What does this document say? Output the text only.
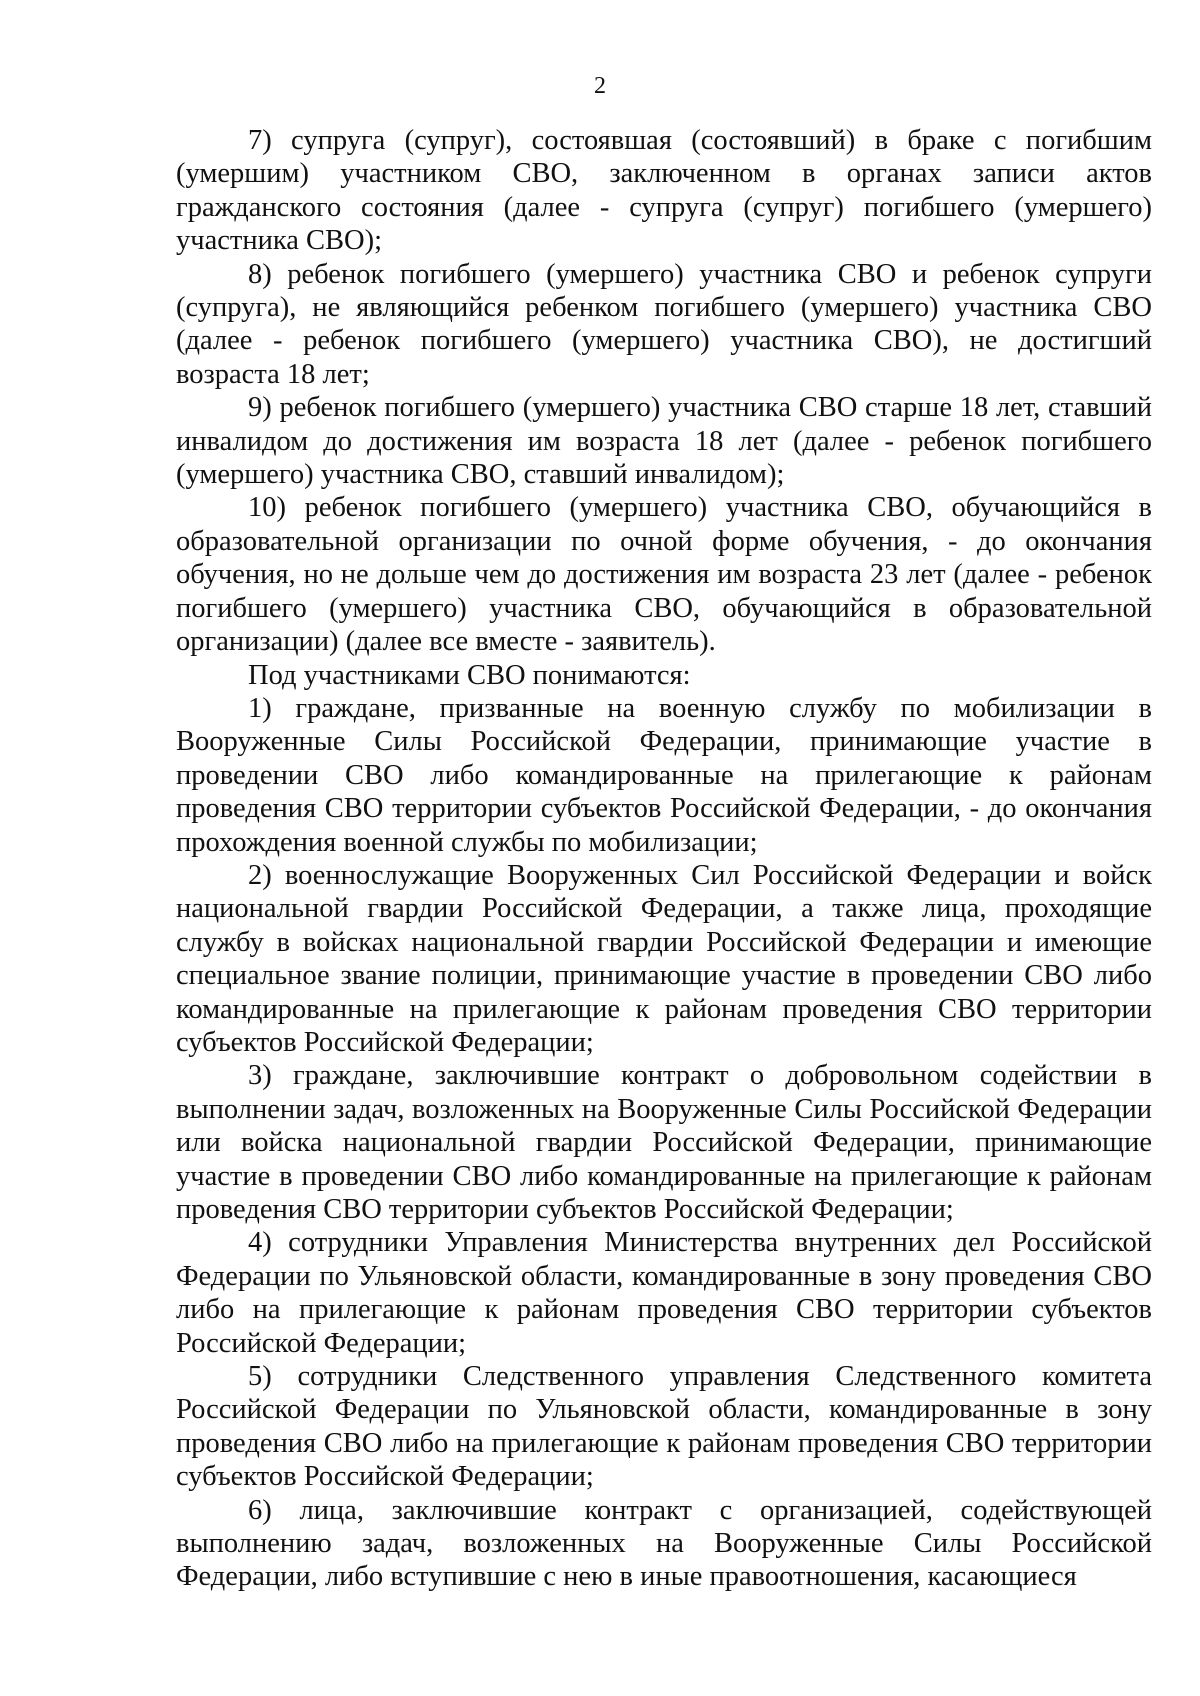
2

7) супруга (супруг), состоявшая (состоявший) в браке с погибшим (умершим) участником СВО, заключенном в органах записи актов гражданского состояния (далее - супруга (супруг) погибшего (умершего) участника СВО);

8) ребенок погибшего (умершего) участника СВО и ребенок супруги (супруга), не являющийся ребенком погибшего (умершего) участника СВО (далее - ребенок погибшего (умершего) участника СВО), не достигший возраста 18 лет;

9) ребенок погибшего (умершего) участника СВО старше 18 лет, ставший инвалидом до достижения им возраста 18 лет (далее - ребенок погибшего (умершего) участника СВО, ставший инвалидом);

10) ребенок погибшего (умершего) участника СВО, обучающийся в образовательной организации по очной форме обучения, - до окончания обучения, но не дольше чем до достижения им возраста 23 лет (далее - ребенок погибшего (умершего) участника СВО, обучающийся в образовательной организации) (далее все вместе - заявитель).

Под участниками СВО понимаются:

1) граждане, призванные на военную службу по мобилизации в Вооруженные Силы Российской Федерации, принимающие участие в проведении СВО либо командированные на прилегающие к районам проведения СВО территории субъектов Российской Федерации, - до окончания прохождения военной службы по мобилизации;

2) военнослужащие Вооруженных Сил Российской Федерации и войск национальной гвардии Российской Федерации, а также лица, проходящие службу в войсках национальной гвардии Российской Федерации и имеющие специальное звание полиции, принимающие участие в проведении СВО либо командированные на прилегающие к районам проведения СВО территории субъектов Российской Федерации;

3) граждане, заключившие контракт о добровольном содействии в выполнении задач, возложенных на Вооруженные Силы Российской Федерации или войска национальной гвардии Российской Федерации, принимающие участие в проведении СВО либо командированные на прилегающие к районам проведения СВО территории субъектов Российской Федерации;

4) сотрудники Управления Министерства внутренних дел Российской Федерации по Ульяновской области, командированные в зону проведения СВО либо на прилегающие к районам проведения СВО территории субъектов Российской Федерации;

5) сотрудники Следственного управления Следственного комитета Российской Федерации по Ульяновской области, командированные в зону проведения СВО либо на прилегающие к районам проведения СВО территории субъектов Российской Федерации;

6) лица, заключившие контракт с организацией, содействующей выполнению задач, возложенных на Вооруженные Силы Российской Федерации, либо вступившие с нею в иные правоотношения, касающиеся
